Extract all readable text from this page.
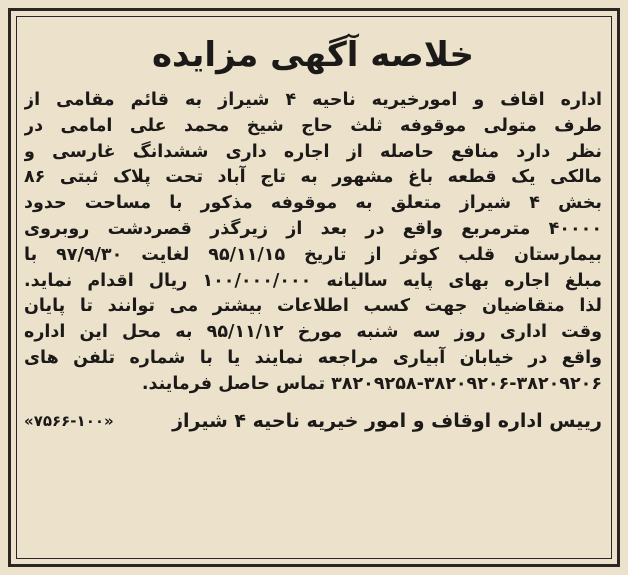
خلاصه آگهی مزایده
اداره اقاف و امورخیریه ناحیه ۴ شیراز به قائم مقامی از
طرف متولی موقوفه ثلث حاج شیخ محمد علی امامی در
نظر دارد منافع حاصله از اجاره داری ششدانگ غارسی و
مالکی یک قطعه باغ مشهور به تاج آباد تحت پلاک ثبتی ۸۶
بخش ۴ شیراز متعلق به موقوفه مذکور با مساحت حدود
۴۰۰۰۰ مترمربع واقع در بعد از زیرگذر قصردشت روبروی
بیمارستان قلب کوثر از تاریخ ۹۵/۱۱/۱۵ لغایت ۹۷/۹/۳۰ با
مبلغ اجاره بهای پایه سالیانه ۱۰۰/۰۰۰/۰۰۰ ریال اقدام نماید.
لذا متقاضیان جهت کسب اطلاعات بیشتر می توانند تا پایان
وقت اداری روز سه شنبه مورخ ۹۵/۱۱/۱۲ به محل این اداره
واقع در خیابان آبیاری مراجعه نمایند یا با شماره تلفن های
۳۸۲۰۹۲۵۸-۳۸۲۰۹۲۰۶-۳۸۲۰۹۲۰۶ تماس حاصل فرمایند.
رییس اداره اوقاف و امور خیریه ناحیه ۴ شیراز
«۷۵۶۶-۱۰۰»
